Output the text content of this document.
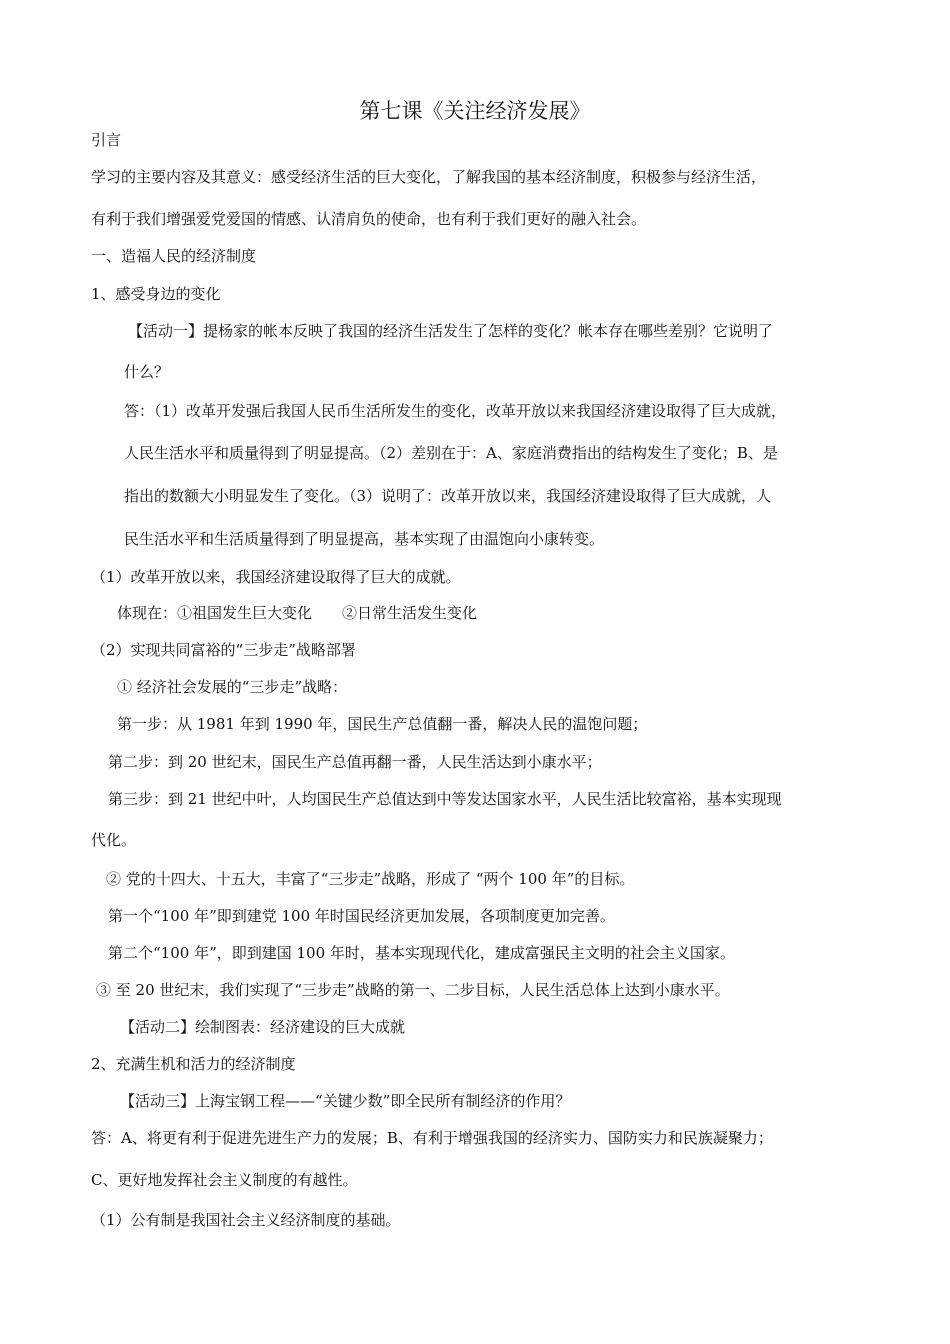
第七课《关注经济发展》
引言
学习的主要内容及其意义：感受经济生活的巨大变化，了解我国的基本经济制度，积极参与经济生活，
有利于我们增强爱党爱国的情感、认清肩负的使命，也有利于我们更好的融入社会。
一、造福人民的经济制度
1、感受身边的变化
【活动一】提杨家的帐本反映了我国的经济生活发生了怎样的变化？帐本存在哪些差别？它说明了
什么？
答：（1）改革开发强后我国人民币生活所发生的变化，改革开放以来我国经济建设取得了巨大成就，
人民生活水平和质量得到了明显提高。（2）差别在于：A、家庭消费指出的结构发生了变化；B、是
指出的数额大小明显发生了变化。（3）说明了：改革开放以来，我国经济建设取得了巨大成就，人
民生活水平和生活质量得到了明显提高，基本实现了由温饱向小康转变。
（1）改革开放以来，我国经济建设取得了巨大的成就。
体现在：①祖国发生巨大变化　　②日常生活发生变化
（2）实现共同富裕的“三步走”战略部署
① 经济社会发展的“三步走”战略：
第一步：从 1981 年到 1990 年，国民生产总值翻一番，解决人民的温饱问题；
第二步：到 20 世纪末，国民生产总值再翻一番，人民生活达到小康水平；
第三步：到 21 世纪中叶，人均国民生产总值达到中等发达国家水平，人民生活比较富裕，基本实现现
代化。
② 党的十四大、十五大，丰富了“三步走”战略，形成了 “两个 100 年”的目标。
第一个“100 年”即到建党 100 年时国民经济更加发展，各项制度更加完善。
第二个“100 年”，即到建国 100 年时，基本实现现代化，建成富强民主文明的社会主义国家。
③ 至 20 世纪末，我们实现了“三步走”战略的第一、二步目标，人民生活总体上达到小康水平。
【活动二】绘制图表：经济建设的巨大成就
2、充满生机和活力的经济制度
【活动三】上海宝钢工程——“关键少数”即全民所有制经济的作用？
答：A、将更有利于促进先进生产力的发展；B、有利于增强我国的经济实力、国防实力和民族凝聚力；
C、更好地发挥社会主义制度的有越性。
（1）公有制是我国社会主义经济制度的基础。
